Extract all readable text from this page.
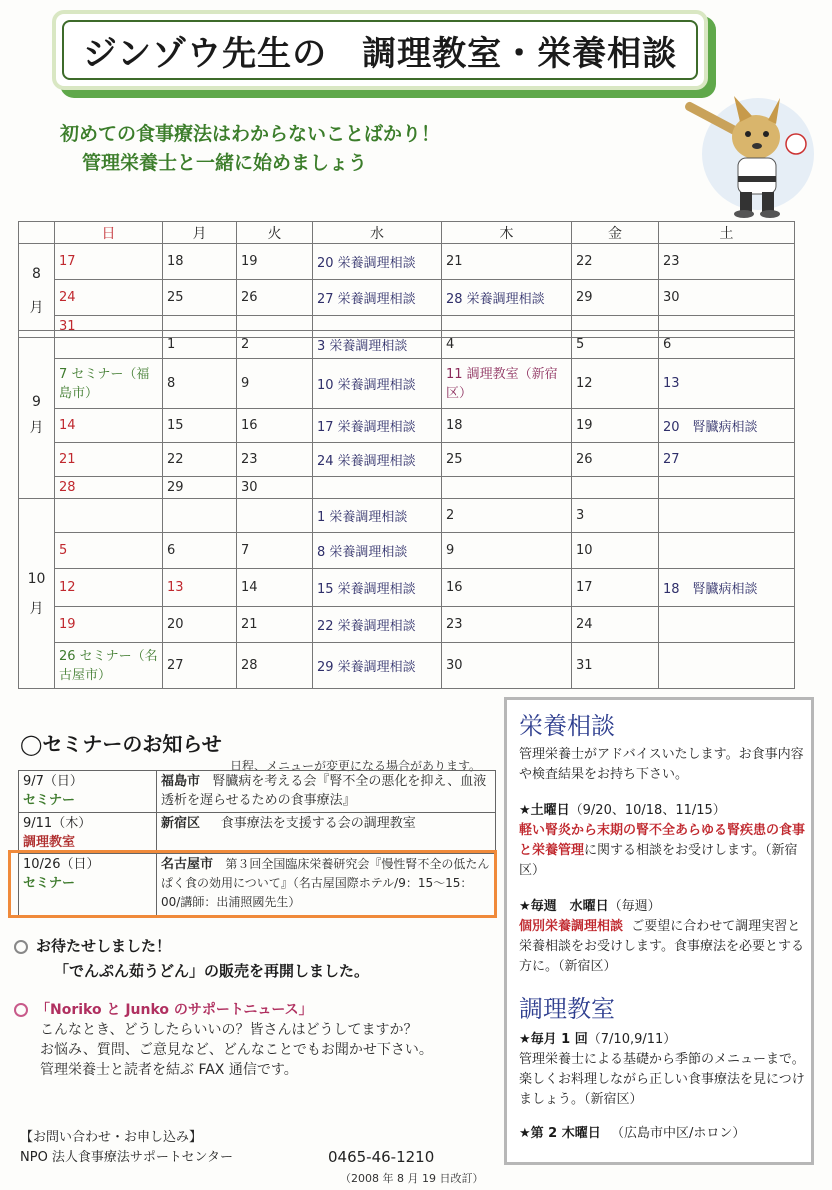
ジンゾウ先生の　調理教室・栄養相談
初めての食事療法はわからないことばかり！
管理栄養士と一緒に始めましょう
	日	月	火	水	木	金	土
8
月	17	18	19	20 栄養調理相談	21	22	23
	24	25	26	27 栄養調理相談	28 栄養調理相談	29	30
	31						
9
月		1	2	3 栄養調理相談	4	5	6
	7 セミナー（福島市）	8	9	10 栄養調理相談	11 調理教室（新宿区）	12	13
	14	15	16	17 栄養調理相談	18	19	20　腎臓病相談
	21	22	23	24 栄養調理相談	25	26	27
	28	29	30				
10
月				1 栄養調理相談	2	3	
	5	6	7	8 栄養調理相談	9	10	
	12	13	14	15 栄養調理相談	16	17	18　腎臓病相談
	19	20	21	22 栄養調理相談	23	24	
	26 セミナー（名古屋市）	27	28	29 栄養調理相談	30	31	
◯セミナーのお知らせ
日程、メニューが変更になる場合があります。
9/7（日）
セミナー	福島市 腎臓病を考える会『腎不全の悪化を抑え、血液透析を遅らせるための食事療法』

9/11（木）
調理教室	新宿区 食事療法を支援する会の調理教室

10/26（日）
セミナー	名古屋市 第３回全国臨床栄養研究会『慢性腎不全の低たんぱく食の効用について』（名古屋国際ホテル/9：15〜15：00/講師：出浦照國先生）
お待たせしました！
「でんぷん茹うどん」の販売を再開しました。
「Noriko と Junko のサポートニュース」
こんなとき、どうしたらいいの？皆さんはどうしてますか？
お悩み、質問、ご意見など、どんなことでもお聞かせ下さい。
管理栄養士と読者を結ぶ FAX 通信です。
【お問い合わせ・お申し込み】
NPO 法人食事療法サポートセンター	0465-46-1210
（2008 年 8 月 19 日改訂）
栄養相談
管理栄養士がアドバイスいたします。お食事内容や検査結果をお持ち下さい。
★土曜日（9/20、10/18、11/15）
軽い腎炎から末期の腎不全あらゆる腎疾患の食事と栄養管理に関する相談をお受けします。（新宿区）
★毎週　水曜日（毎週）
個別栄養調理相談 ご要望に合わせて調理実習と栄養相談をお受けします。食事療法を必要とする方に。（新宿区）
調理教室
★毎月 1 回（7/10,9/11）
管理栄養士による基礎から季節のメニューまで。楽しくお料理しながら正しい食事療法を見につけましょう。（新宿区）
★第 2 木曜日 （広島市中区/ホロン）
